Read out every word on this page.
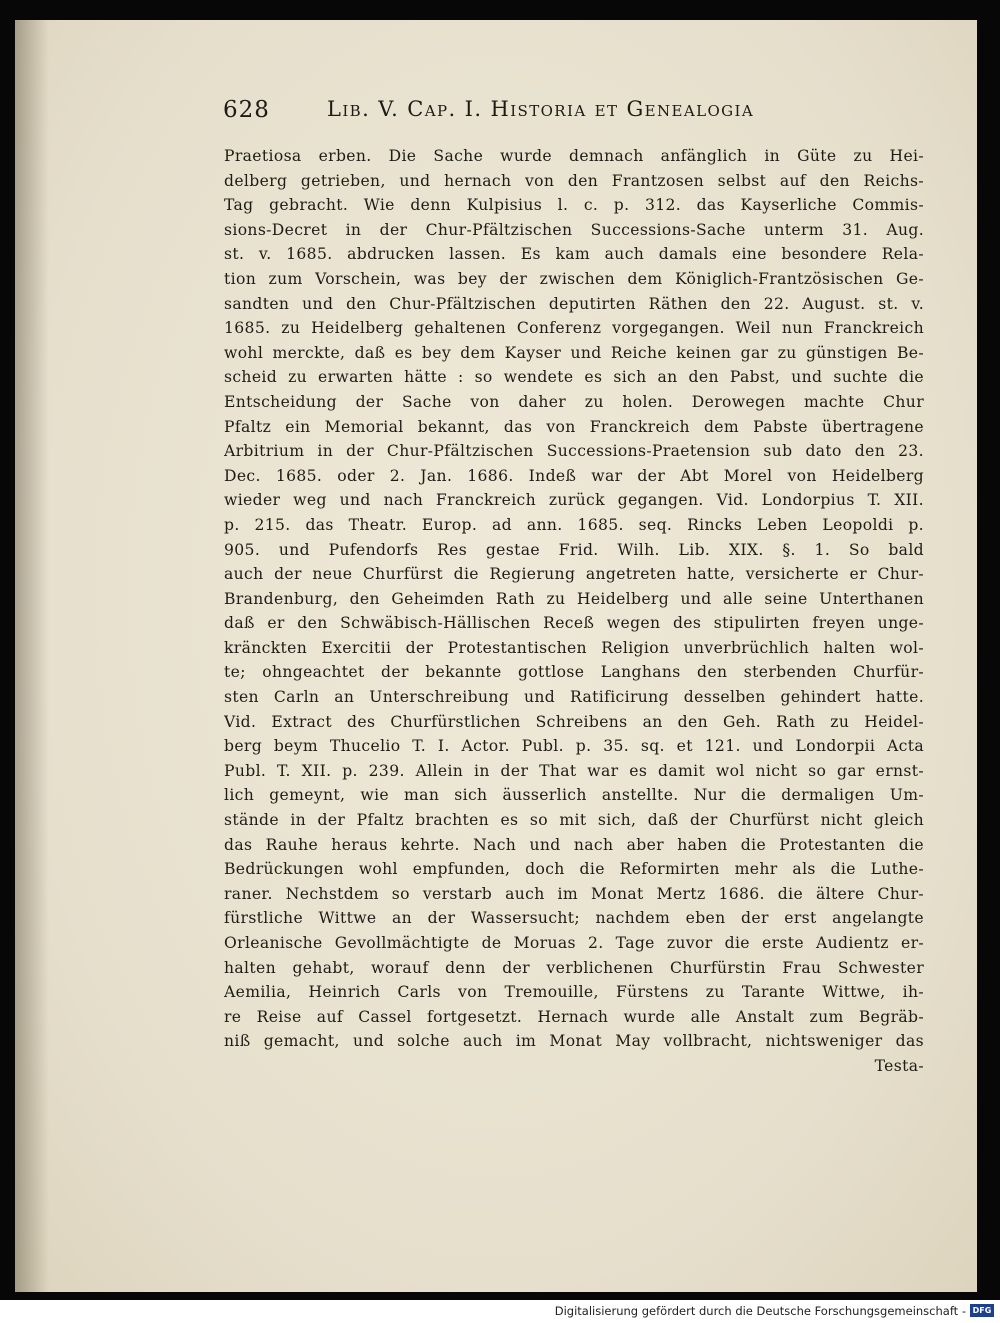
628	Lib. V. Cap. I. Historia et Genealogia
Praetiosa erben. Die Sache wurde demnach anfänglich in Güte zu Hei-
delberg getrieben, und hernach von den Frantzosen selbst auf den Reichs-
Tag gebracht. Wie denn Kulpisius l. c. p. 312. das Kayserliche Commis-
sions-Decret in der Chur-Pfältzischen Successions-Sache unterm 31. Aug.
st. v. 1685. abdrucken lassen. Es kam auch damals eine besondere Rela-
tion zum Vorschein, was bey der zwischen dem Königlich-Frantzösischen Ge-
sandten und den Chur-Pfältzischen deputirten Räthen den 22. August. st. v.
1685. zu Heidelberg gehaltenen Conferenz vorgegangen. Weil nun Franckreich
wohl merckte, daß es bey dem Kayser und Reiche keinen gar zu günstigen Be-
scheid zu erwarten hätte : so wendete es sich an den Pabst, und suchte die
Entscheidung der Sache von daher zu holen. Derowegen machte Chur
Pfaltz ein Memorial bekannt, das von Franckreich dem Pabste übertragene
Arbitrium in der Chur-Pfältzischen Successions-Praetension sub dato den 23.
Dec. 1685. oder 2. Jan. 1686. Indeß war der Abt Morel von Heidelberg
wieder weg und nach Franckreich zurück gegangen. Vid. Londorpius T. XII.
p. 215. das Theatr. Europ. ad ann. 1685. seq. Rincks Leben Leopoldi p.
905. und Pufendorfs Res gestae Frid. Wilh. Lib. XIX. §. 1. So bald
auch der neue Churfürst die Regierung angetreten hatte, versicherte er Chur-
Brandenburg, den Geheimden Rath zu Heidelberg und alle seine Unterthanen
daß er den Schwäbisch-Hällischen Receß wegen des stipulirten freyen unge-
kränckten Exercitii der Protestantischen Religion unverbrüchlich halten wol-
te; ohngeachtet der bekannte gottlose Langhans den sterbenden Churfür-
sten Carln an Unterschreibung und Ratificirung desselben gehindert hatte.
Vid. Extract des Churfürstlichen Schreibens an den Geh. Rath zu Heidel-
berg beym Thucelio T. I. Actor. Publ. p. 35. sq. et 121. und Londorpii Acta
Publ. T. XII. p. 239. Allein in der That war es damit wol nicht so gar ernst-
lich gemeynt, wie man sich äusserlich anstellte. Nur die dermaligen Um-
stände in der Pfaltz brachten es so mit sich, daß der Churfürst nicht gleich
das Rauhe heraus kehrte. Nach und nach aber haben die Protestanten die
Bedrückungen wohl empfunden, doch die Reformirten mehr als die Luthe-
raner. Nechstdem so verstarb auch im Monat Mertz 1686. die ältere Chur-
fürstliche Wittwe an der Wassersucht; nachdem eben der erst angelangte
Orleanische Gevollmächtigte de Moruas 2. Tage zuvor die erste Audientz er-
halten gehabt, worauf denn der verblichenen Churfürstin Frau Schwester
Aemilia, Heinrich Carls von Tremouille, Fürstens zu Tarante Wittwe, ih-
re Reise auf Cassel fortgesetzt. Hernach wurde alle Anstalt zum Begräb-
niß gemacht, und solche auch im Monat May vollbracht, nichtsweniger das
Testa-
Digitalisierung gefördert durch die Deutsche Forschungsgemeinschaft - DFG
